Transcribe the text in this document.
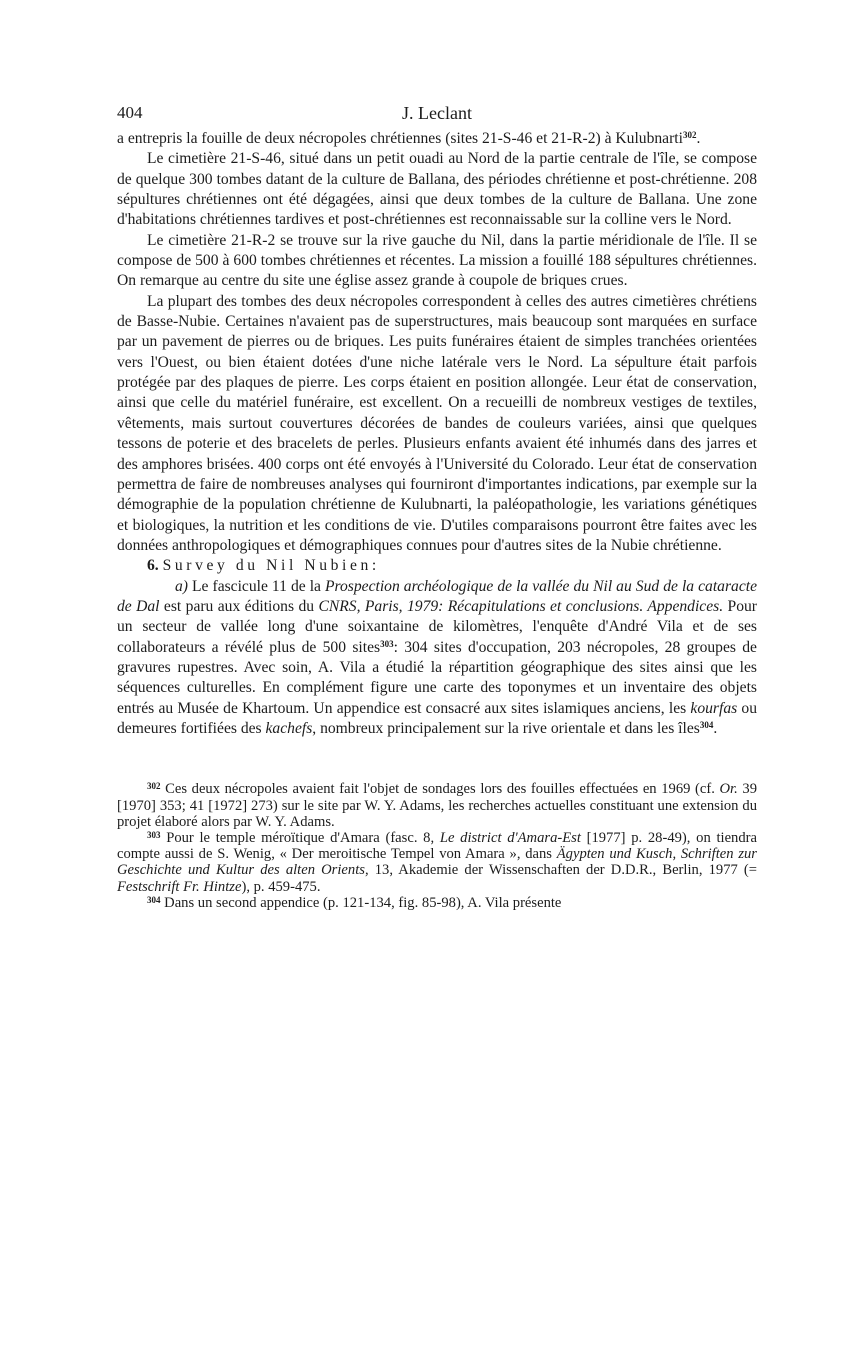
404	J. Leclant

a entrepris la fouille de deux nécropoles chrétiennes (sites 21-S-46 et 21-R-2) à Kulubnarti$^{302}$.

Le cimetière 21-S-46, situé dans un petit ouadi au Nord de la partie centrale de l'île, se compose de quelque 300 tombes datant de la culture de Ballana, des périodes chrétienne et post-chrétienne. 208 sépultures chrétiennes ont été dégagées, ainsi que deux tombes de la culture de Ballana. Une zone d'habitations chrétiennes tardives et post-chrétiennes est reconnaissable sur la colline vers le Nord.

Le cimetière 21-R-2 se trouve sur la rive gauche du Nil, dans la partie méridionale de l'île. Il se compose de 500 à 600 tombes chrétiennes et récentes. La mission a fouillé 188 sépultures chrétiennes. On remarque au centre du site une église assez grande à coupole de briques crues.

La plupart des tombes des deux nécropoles correspondent à celles des autres cimetières chrétiens de Basse-Nubie. Certaines n'avaient pas de superstructures, mais beaucoup sont marquées en surface par un pavement de pierres ou de briques. Les puits funéraires étaient de simples tranchées orientées vers l'Ouest, ou bien étaient dotées d'une niche latérale vers le Nord. La sépulture était parfois protégée par des plaques de pierre. Les corps étaient en position allongée. Leur état de conservation, ainsi que celle du matériel funéraire, est excellent. On a recueilli de nombreux vestiges de textiles, vêtements, mais surtout couvertures décorées de bandes de couleurs variées, ainsi que quelques tessons de poterie et des bracelets de perles. Plusieurs enfants avaient été inhumés dans des jarres et des amphores brisées. 400 corps ont été envoyés à l'Université du Colorado. Leur état de conservation permettra de faire de nombreuses analyses qui fourniront d'importantes indications, par exemple sur la démographie de la population chrétienne de Kulubnarti, la paléopathologie, les variations génétiques et biologiques, la nutrition et les conditions de vie. D'utiles comparaisons pourront être faites avec les données anthropologiques et démographiques connues pour d'autres sites de la Nubie chrétienne.

6. Survey du Nil Nubien:

a) Le fascicule 11 de la Prospection archéologique de la vallée du Nil au Sud de la cataracte de Dal est paru aux éditions du CNRS, Paris, 1979: Récapitulations et conclusions. Appendices. Pour un secteur de vallée long d'une soixantaine de kilomètres, l'enquête d'André Vila et de ses collaborateurs a révélé plus de 500 sites$^{303}$: 304 sites d'occupation, 203 nécropoles, 28 groupes de gravures rupestres. Avec soin, A. Vila a étudié la répartition géographique des sites ainsi que les séquences culturelles. En complément figure une carte des toponymes et un inventaire des objets entrés au Musée de Khartoum. Un appendice est consacré aux sites islamiques anciens, les kourfas ou demeures fortifiées des kachefs, nombreux principalement sur la rive orientale et dans les îles$^{304}$.

$^{302}$ Ces deux nécropoles avaient fait l'objet de sondages lors des fouilles effectuées en 1969 (cf. Or. 39 [1970] 353; 41 [1972] 273) sur le site par W. Y. Adams, les recherches actuelles constituant une extension du projet élaboré alors par W. Y. Adams.

$^{303}$ Pour le temple méroïtique d'Amara (fasc. 8, Le district d'Amara-Est [1977] p. 28-49), on tiendra compte aussi de S. Wenig, « Der meroitische Tempel von Amara », dans Ägypten und Kusch, Schriften zur Geschichte und Kultur des alten Orients, 13, Akademie der Wissenschaften der D.D.R., Berlin, 1977 (= Festschrift Fr. Hintze), p. 459-475.

$^{304}$ Dans un second appendice (p. 121-134, fig. 85-98), A. Vila présente
